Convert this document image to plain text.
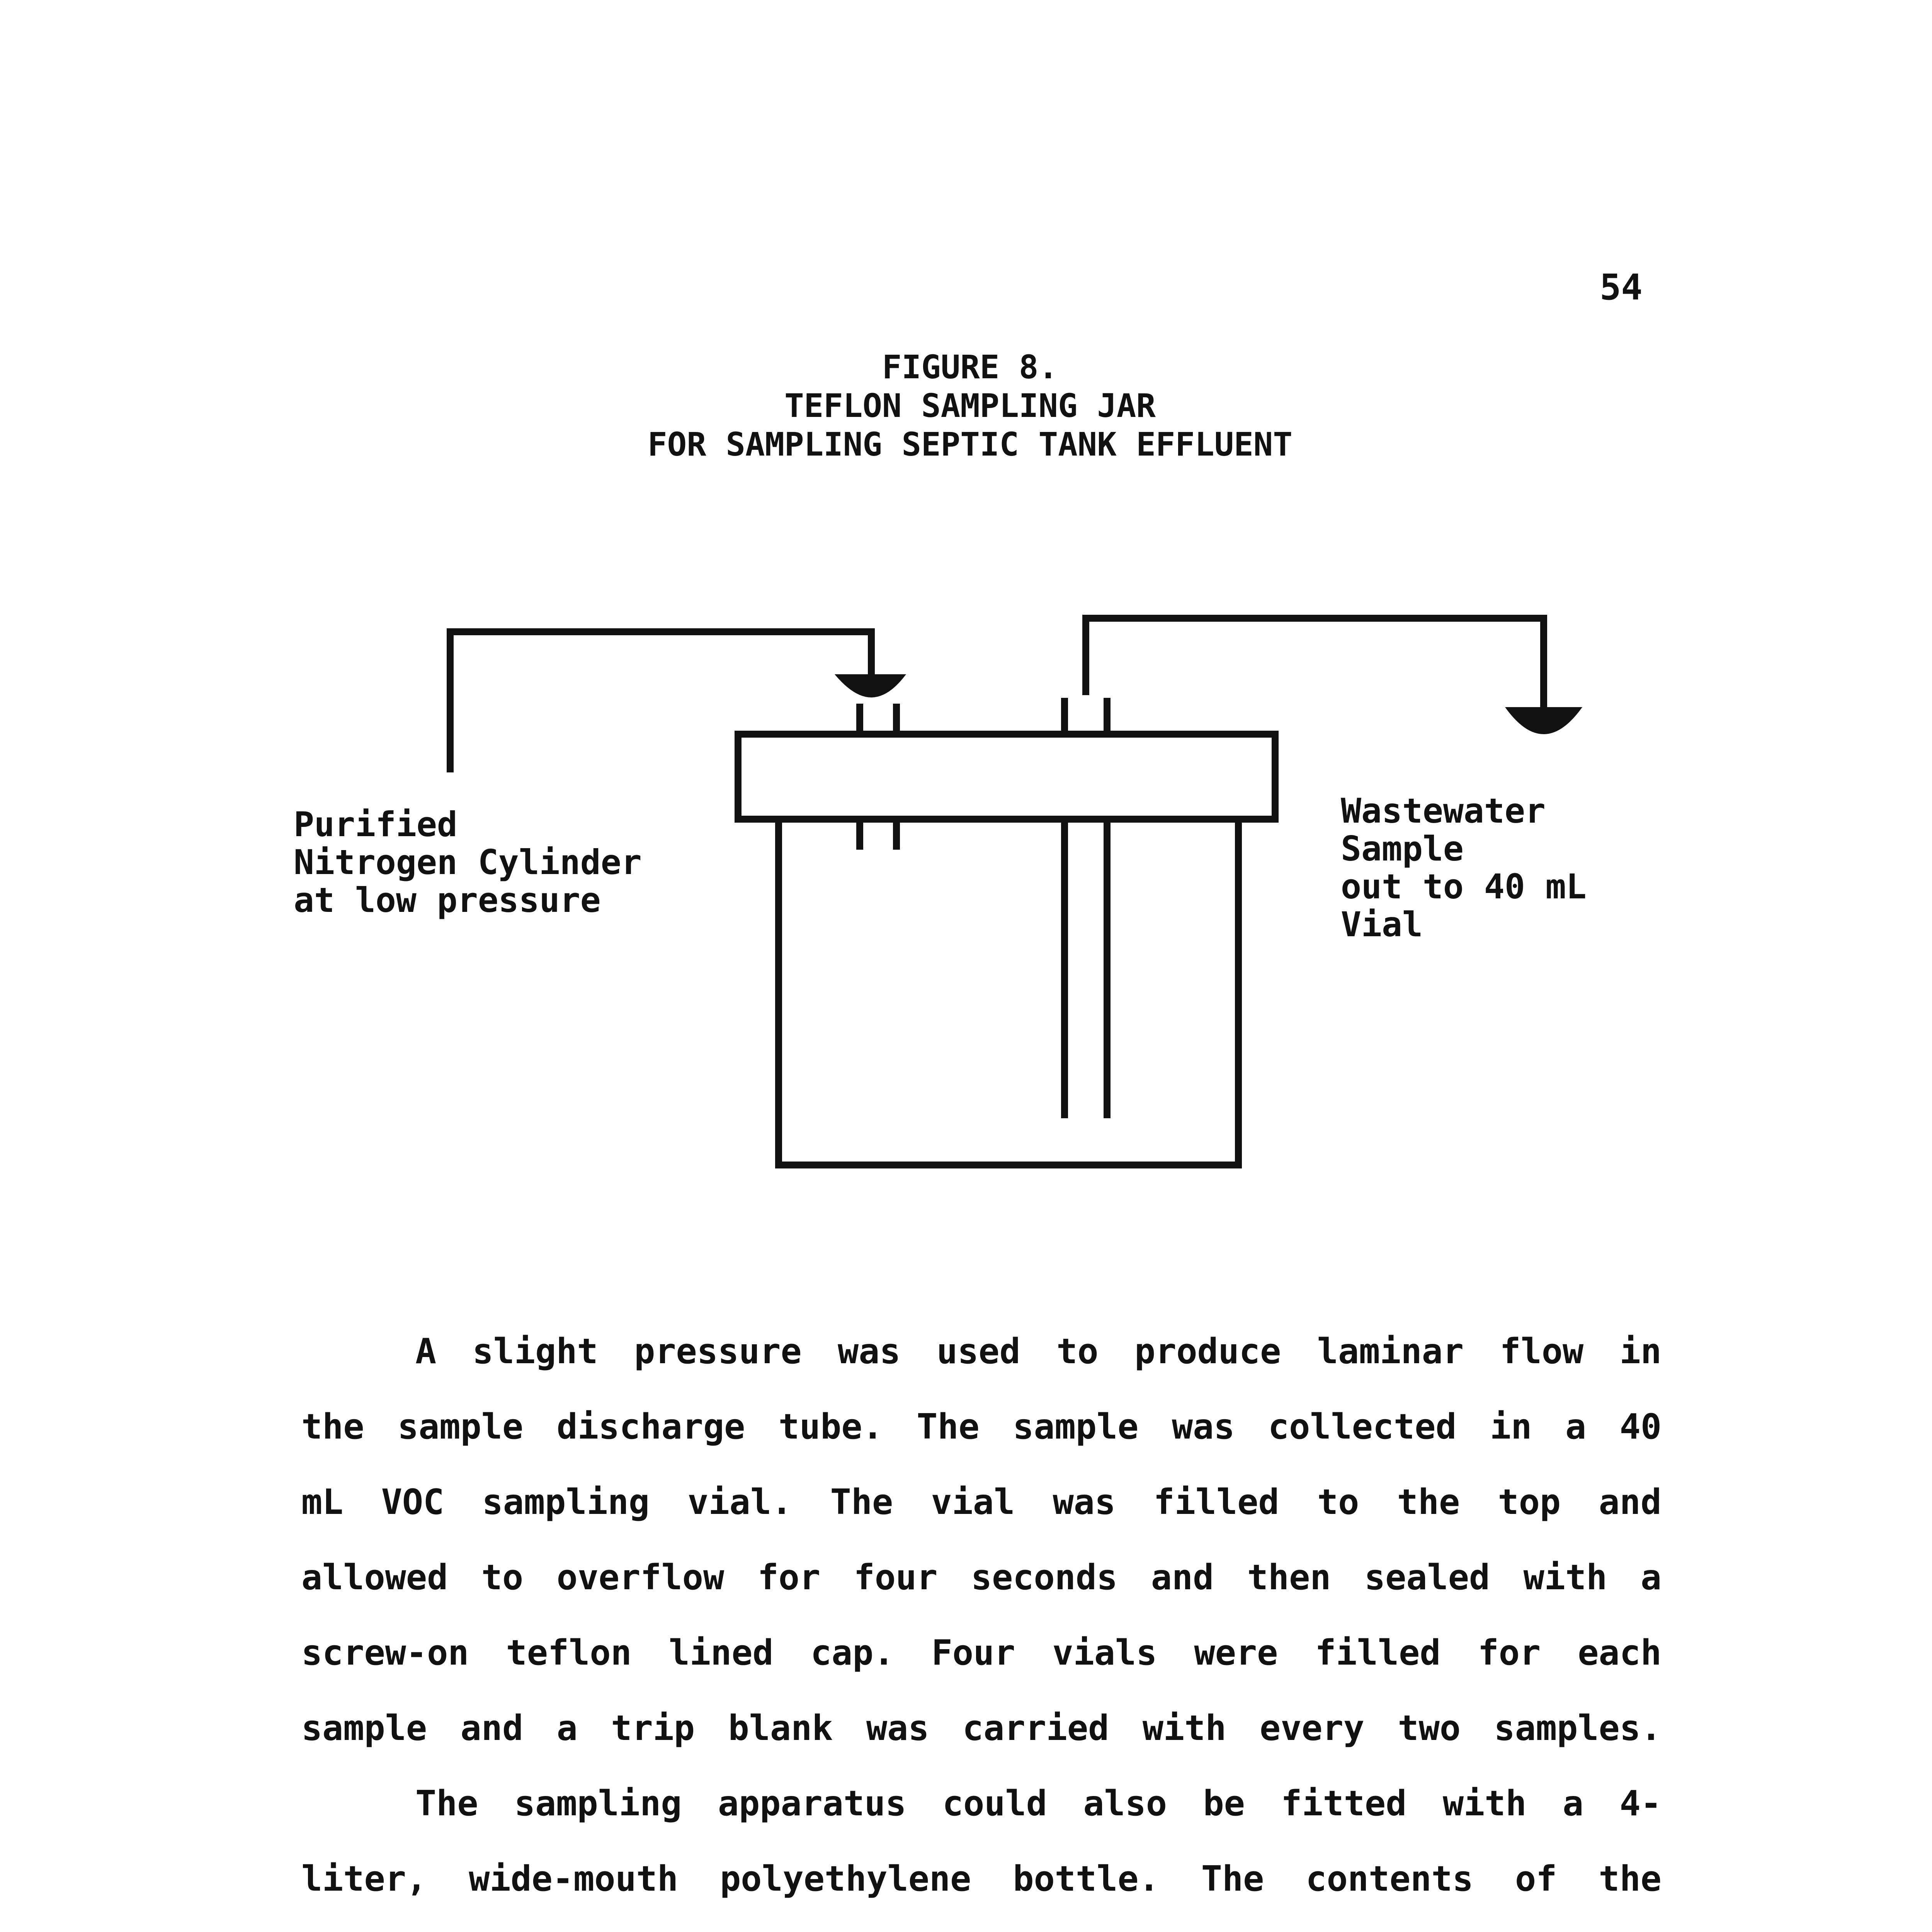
54
FIGURE 8.
TEFLON SAMPLING JAR
FOR SAMPLING SEPTIC TANK EFFLUENT
Purified
Nitrogen Cylinder
at low pressure
Wastewater
Sample
out to 40 mL
Vial
A slight pressure was used to produce laminar flow in
the sample discharge tube. The sample was collected in a 40
mL VOC sampling vial. The vial was filled to the top and
allowed to overflow for four seconds and then sealed with a
screw-on teflon lined cap. Four vials were filled for each
sample and a trip blank was carried with every two samples.
The sampling apparatus could also be fitted with a 4-
liter, wide-mouth polyethylene bottle. The contents of the
